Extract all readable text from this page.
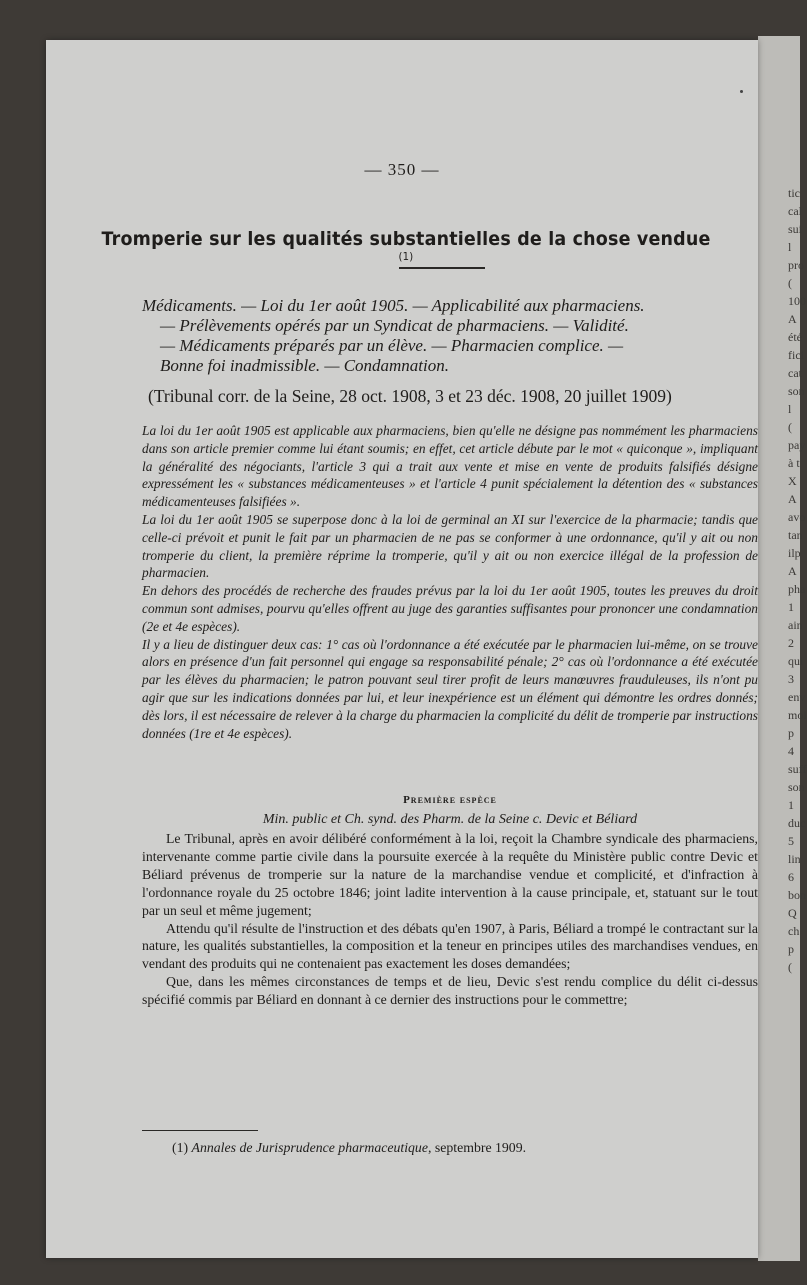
tic
cal
sui
l
pro
(
100
A
été
fici
cat
son
l
(
pay
à t
X
A
avo
tan
ilp
A
pha
1
ain
2
qui
3
env
moi
p
4
suff
son
1
duc
5
lin
6
bon
Q
ch
p
(
— 350 —
Tromperie sur les qualités substantielles de la chose vendue $^{(1)}$

Médicaments. — Loi du 1er août 1905. — Applicabilité aux pharmaciens.

— Prélèvements opérés par un Syndicat de pharmaciens. — Validité.

— Médicaments préparés par un élève. — Pharmacien complice. —

Bonne foi inadmissible. — Condamnation.

(Tribunal corr. de la Seine, 28 oct. 1908, 3 et 23 déc. 1908, 20 juillet 1909)

La loi du 1er août 1905 est applicable aux pharmaciens, bien qu'elle ne désigne pas nommément les pharmaciens dans son article premier comme lui étant soumis; en effet, cet article débute par le mot « quiconque », impliquant la généralité des négociants, l'article 3 qui a trait aux vente et mise en vente de produits falsifiés désigne expressément les « substances médicamenteuses » et l'article 4 punit spécialement la détention des « substances médicamenteuses falsifiées ».

La loi du 1er août 1905 se superpose donc à la loi de germinal an XI sur l'exercice de la pharmacie; tandis que celle-ci prévoit et punit le fait par un pharmacien de ne pas se conformer à une ordonnance, qu'il y ait ou non tromperie du client, la première réprime la tromperie, qu'il y ait ou non exercice illégal de la profession de pharmacien.

En dehors des procédés de recherche des fraudes prévus par la loi du 1er août 1905, toutes les preuves du droit commun sont admises, pourvu qu'elles offrent au juge des garanties suffisantes pour prononcer une condamnation (2e et 4e espèces).

Il y a lieu de distinguer deux cas: 1° cas où l'ordonnance a été exécutée par le pharmacien lui-même, on se trouve alors en présence d'un fait personnel qui engage sa responsabilité pénale; 2° cas où l'ordonnance a été exécutée par les élèves du pharmacien; le patron pouvant seul tirer profit de leurs manœuvres frauduleuses, ils n'ont pu agir que sur les indications données par lui, et leur inexpérience est un élément qui démontre les ordres donnés; dès lors, il est nécessaire de relever à la charge du pharmacien la complicité du délit de tromperie par instructions données (1re et 4e espèces).

Première espèce
Min. public et Ch. synd. des Pharm. de la Seine c. Devic et Béliard

Le Tribunal, après en avoir délibéré conformément à la loi, reçoit la Chambre syndicale des pharmaciens, intervenante comme partie civile dans la poursuite exercée à la requête du Ministère public contre Devic et Béliard prévenus de tromperie sur la nature de la marchandise vendue et complicité, et d'infraction à l'ordonnance royale du 25 octobre 1846; joint ladite intervention à la cause principale, et, statuant sur le tout par un seul et même jugement;

Attendu qu'il résulte de l'instruction et des débats qu'en 1907, à Paris, Béliard a trompé le contractant sur la nature, les qualités substantielles, la composition et la teneur en principes utiles des marchandises vendues, en vendant des produits qui ne contenaient pas exactement les doses demandées;

Que, dans les mêmes circonstances de temps et de lieu, Devic s'est rendu complice du délit ci-dessus spécifié commis par Béliard en donnant à ce dernier des instructions pour le commettre;

(1) Annales de Jurisprudence pharmaceutique, septembre 1909.
